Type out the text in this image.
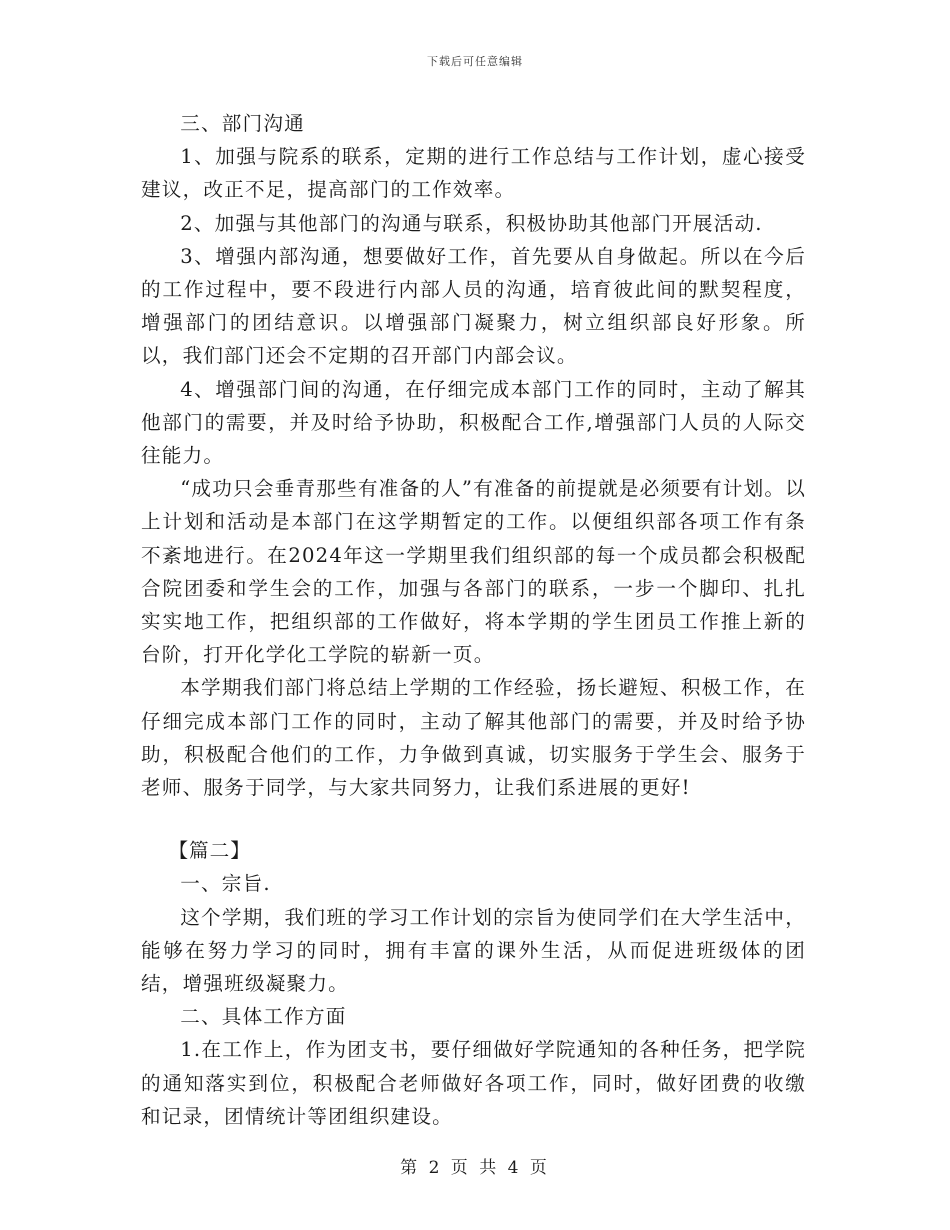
下载后可任意编辑

三、部门沟通

1、加强与院系的联系，定期的进行工作总结与工作计划，虚心接受建议，改正不足，提高部门的工作效率。

2、加强与其他部门的沟通与联系，积极协助其他部门开展活动.

3、增强内部沟通，想要做好工作，首先要从自身做起。所以在今后的工作过程中，要不段进行内部人员的沟通，培育彼此间的默契程度，增强部门的团结意识。以增强部门凝聚力，树立组织部良好形象。所以，我们部门还会不定期的召开部门内部会议。

4、增强部门间的沟通，在仔细完成本部门工作的同时，主动了解其他部门的需要，并及时给予协助，积极配合工作,增强部门人员的人际交往能力。

“成功只会垂青那些有准备的人”有准备的前提就是必须要有计划。以上计划和活动是本部门在这学期暂定的工作。以便组织部各项工作有条不紊地进行。在2024年这一学期里我们组织部的每一个成员都会积极配合院团委和学生会的工作，加强与各部门的联系，一步一个脚印、扎扎实实地工作，把组织部的工作做好，将本学期的学生团员工作推上新的台阶，打开化学化工学院的崭新一页。

本学期我们部门将总结上学期的工作经验，扬长避短、积极工作，在仔细完成本部门工作的同时，主动了解其他部门的需要，并及时给予协助，积极配合他们的工作，力争做到真诚，切实服务于学生会、服务于老师、服务于同学，与大家共同努力，让我们系进展的更好!

【篇二】

一、宗旨.

这个学期，我们班的学习工作计划的宗旨为使同学们在大学生活中，能够在努力学习的同时，拥有丰富的课外生活，从而促进班级体的团结，增强班级凝聚力。

二、具体工作方面

1.在工作上，作为团支书，要仔细做好学院通知的各种任务，把学院的通知落实到位，积极配合老师做好各项工作，同时，做好团费的收缴和记录，团情统计等团组织建设。

第 2 页 共 4 页
